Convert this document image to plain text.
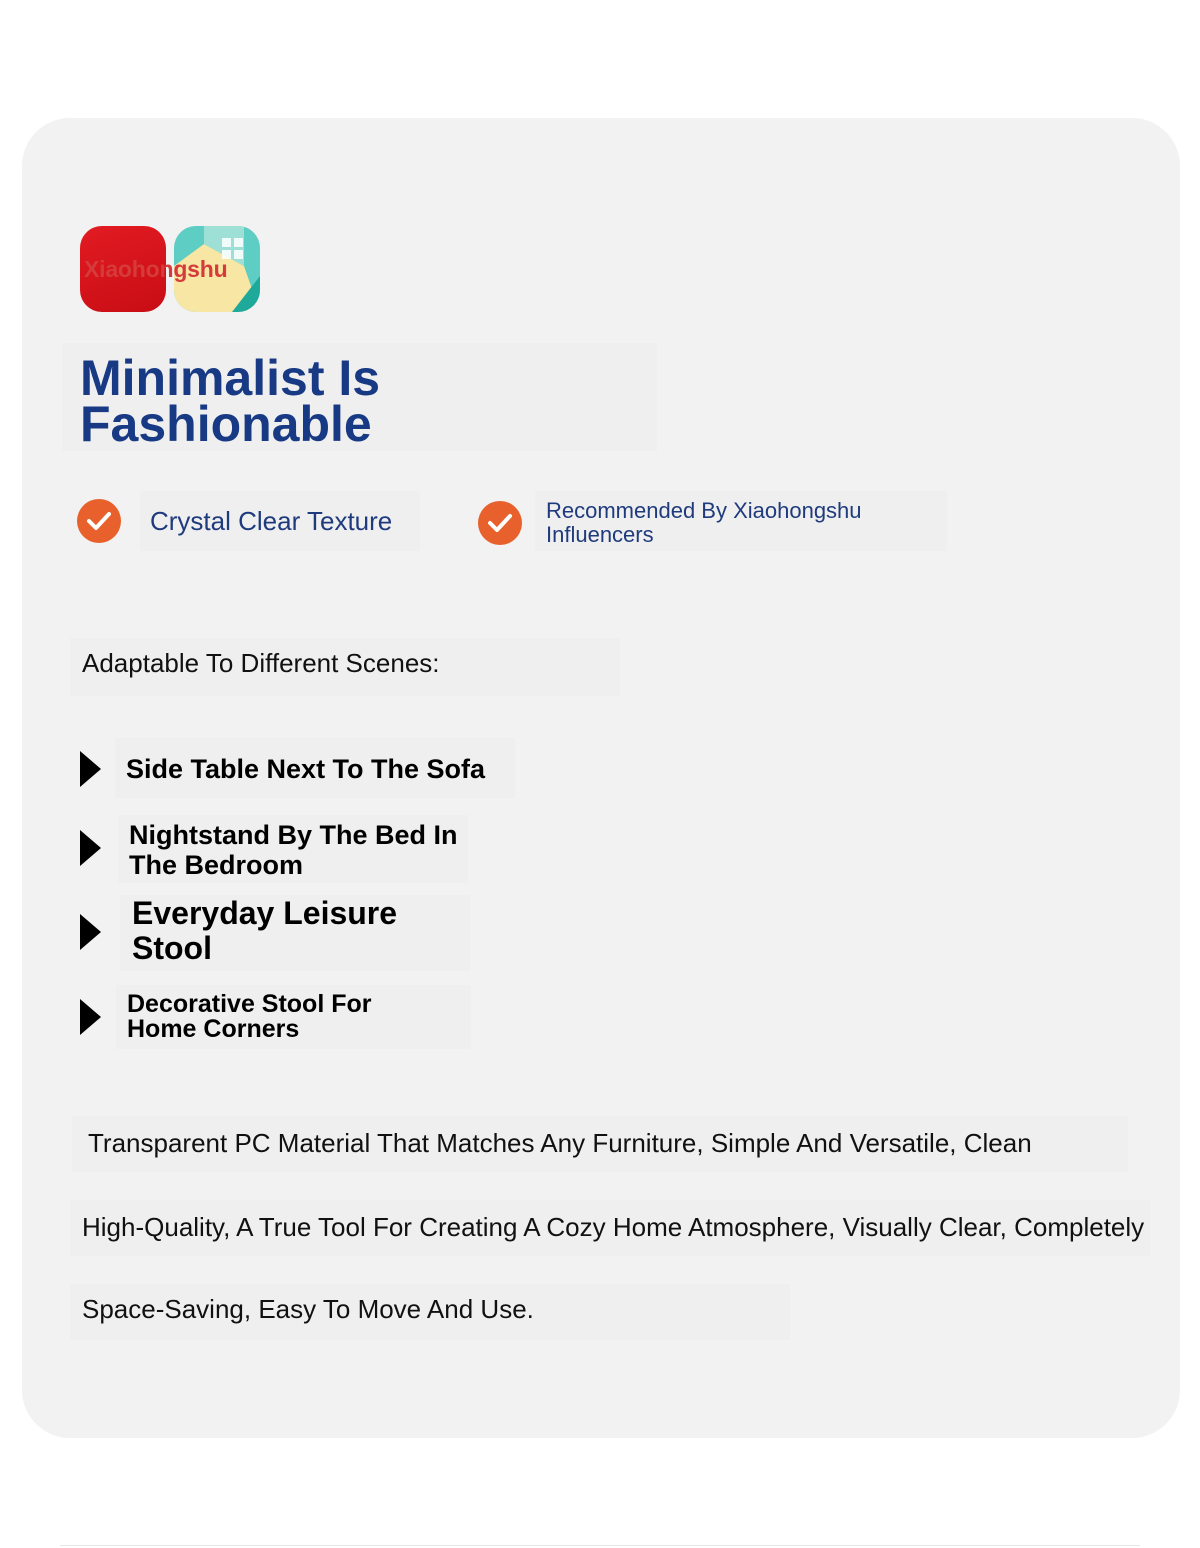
Xiaohongshu
Minimalist Is
Fashionable
Crystal Clear Texture	Recommended By Xiaohongshu
Influencers

Adaptable To Different Scenes:

Side Table Next To The Sofa

Nightstand By The Bed In
The Bedroom

Everyday Leisure
Stool

Decorative Stool For
Home Corners

Transparent PC Material That Matches Any Furniture, Simple And Versatile, Clean

High-Quality, A True Tool For Creating A Cozy Home Atmosphere, Visually Clear, Completely

Space-Saving, Easy To Move And Use.
